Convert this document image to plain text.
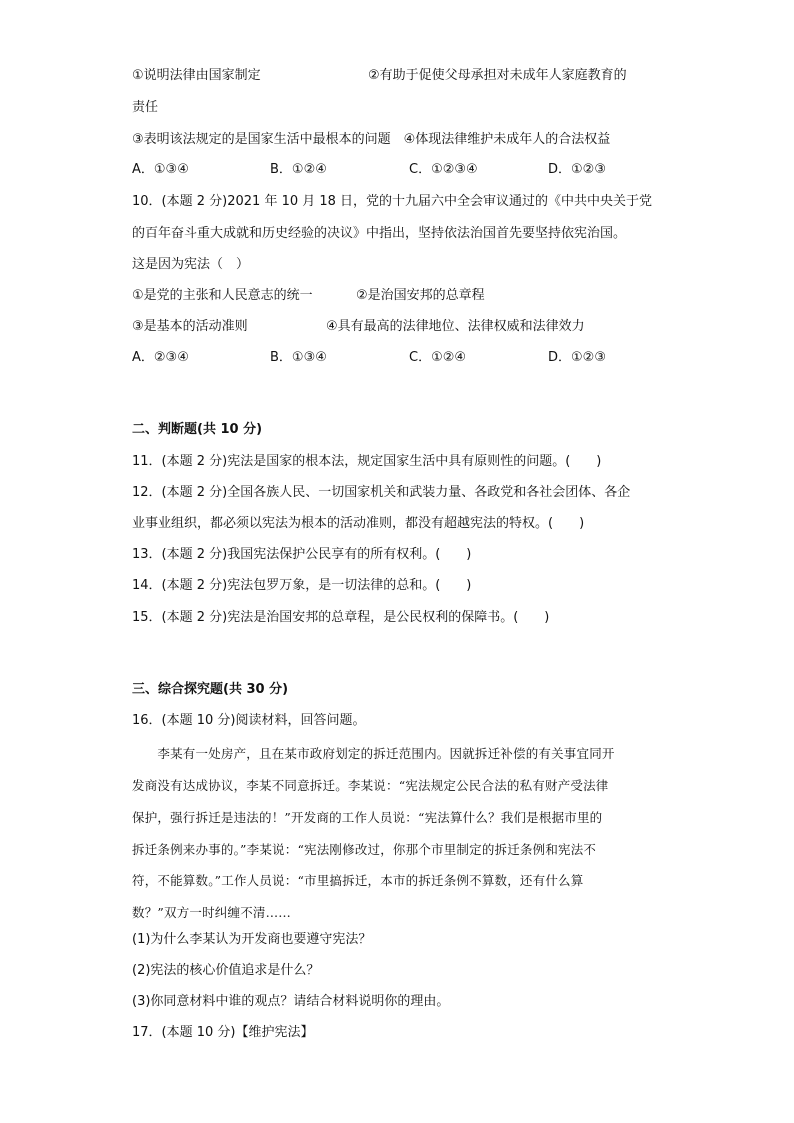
①说明法律由国家制定	②有助于促使父母承担对未成年人家庭教育的
责任
③表明该法规定的是国家生活中最根本的问题　④体现法律维护未成年人的合法权益
A．①③④	B．①②④	C．①②③④	D．①②③
10．(本题 2 分)2021 年 10 月 18 日，党的十九届六中全会审议通过的《中共中央关于党
的百年奋斗重大成就和历史经验的决议》中指出，坚持依法治国首先要坚持依宪治国。
这是因为宪法（　）
①是党的主张和人民意志的统一	②是治国安邦的总章程
③是基本的活动准则	④具有最高的法律地位、法律权威和法律效力
A．②③④	B．①③④	C．①②④	D．①②③
二、判断题(共 10 分)
11．(本题 2 分)宪法是国家的根本法，规定国家生活中具有原则性的问题。(　　)
12．(本题 2 分)全国各族人民、一切国家机关和武装力量、各政党和各社会团体、各企
业事业组织，都必须以宪法为根本的活动准则，都没有超越宪法的特权。(　　)
13．(本题 2 分)我国宪法保护公民享有的所有权利。(　　)
14．(本题 2 分)宪法包罗万象，是一切法律的总和。(　　)
15．(本题 2 分)宪法是治国安邦的总章程，是公民权利的保障书。(　　)
三、综合探究题(共 30 分)
16．(本题 10 分)阅读材料，回答问题。
　　李某有一处房产，且在某市政府划定的拆迁范围内。因就拆迁补偿的有关事宜同开
发商没有达成协议，李某不同意拆迁。李某说：“宪法规定公民合法的私有财产受法律
保护，强行拆迁是违法的！”开发商的工作人员说：“宪法算什么？我们是根据市里的
拆迁条例来办事的。”李某说：“宪法刚修改过，你那个市里制定的拆迁条例和宪法不
符，不能算数。”工作人员说：“市里搞拆迁，本市的拆迁条例不算数，还有什么算
数？”双方一时纠缠不清……
(1)为什么李某认为开发商也要遵守宪法？
(2)宪法的核心价值追求是什么？
(3)你同意材料中谁的观点？请结合材料说明你的理由。
17．(本题 10 分)【维护宪法】
